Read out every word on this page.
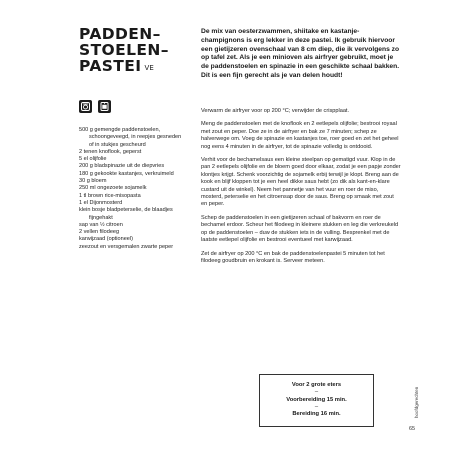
PADDEN–
STOELEN–
PASTEI VE
De mix van oesterzwammen, shiitake en kastanje-champignons is erg lekker in deze pastei. Ik gebruik hiervoor een gietijzeren ovenschaal van 8 cm diep, die ik vervolgens zo op tafel zet. Als je een minioven als airfryer gebruikt, moet je de paddenstoelen en spinazie in een geschikte schaal bakken. Dit is een fijn gerecht als je van delen houdt!
500 g gemengde paddenstoelen,
schoongeveegd, in reepjes gesneden
of in stukjes gescheurd
2 tenen knoflook, geperst
5 el olijfolie
200 g bladspinazie uit de diepvries
180 g gekookte kastanjes, verkruimeld
30 g bloem
250 ml ongezoete sojamelk
1 tl brown rice-misopasta
1 el Dijonmosterd
klein bosje bladpeterselie, de blaadjes
fijngehakt
sap van ½ citroen
2 vellen filodeeg
karwijzaad (optioneel)
zeezout en versgemalen zwarte peper

Verwarm de airfryer voor op 200 °C; verwijder de crispplaat.

Meng de paddenstoelen met de knoflook en 2 eetlepels olijfolie; bestrooi royaal met zout en peper. Doe ze in de airfryer en bak ze 7 minuten; schep ze halverwege om. Voeg de spinazie en kastanjes toe, roer goed en zet het geheel nog eens 4 minuten in de airfryer, tot de spinazie volledig is ontdooid.

Verhit voor de bechamelsaus een kleine steelpan op gematigd vuur. Klop in de pan 2 eetlepels olijfolie en de bloem goed door elkaar, zodat je een papje zonder klontjes krijgt. Schenk voorzichtig de sojamelk erbij terwijl je klopt. Breng aan de kook en blijf kloppen tot je een heel dikke saus hebt (zo dik als kant-en-klare custard uit de winkel). Neem het pannetje van het vuur en roer de miso, mosterd, peterselie en het citroensap door de saus. Breng op smaak met zout en peper.

Schep de paddenstoelen in een gietijzeren schaal of bakvorm en roer de bechamel erdoor. Scheur het filodeeg in kleinere stukken en leg die verkreukeld op de paddenstoelen – duw de stukken iets in de vulling. Besprenkel met de laatste eetlepel olijfolie en bestrooi eventueel met karwijzaad.

Zet de airfryer op 200 °C en bak de paddenstoelenpastei 5 minuten tot het filodeeg goudbruin en krokant is. Serveer meteen.

Voor 2 grote eters
–
Voorbereiding 15 min.
–
Bereiding 16 min.	hoofdgerechten
65
